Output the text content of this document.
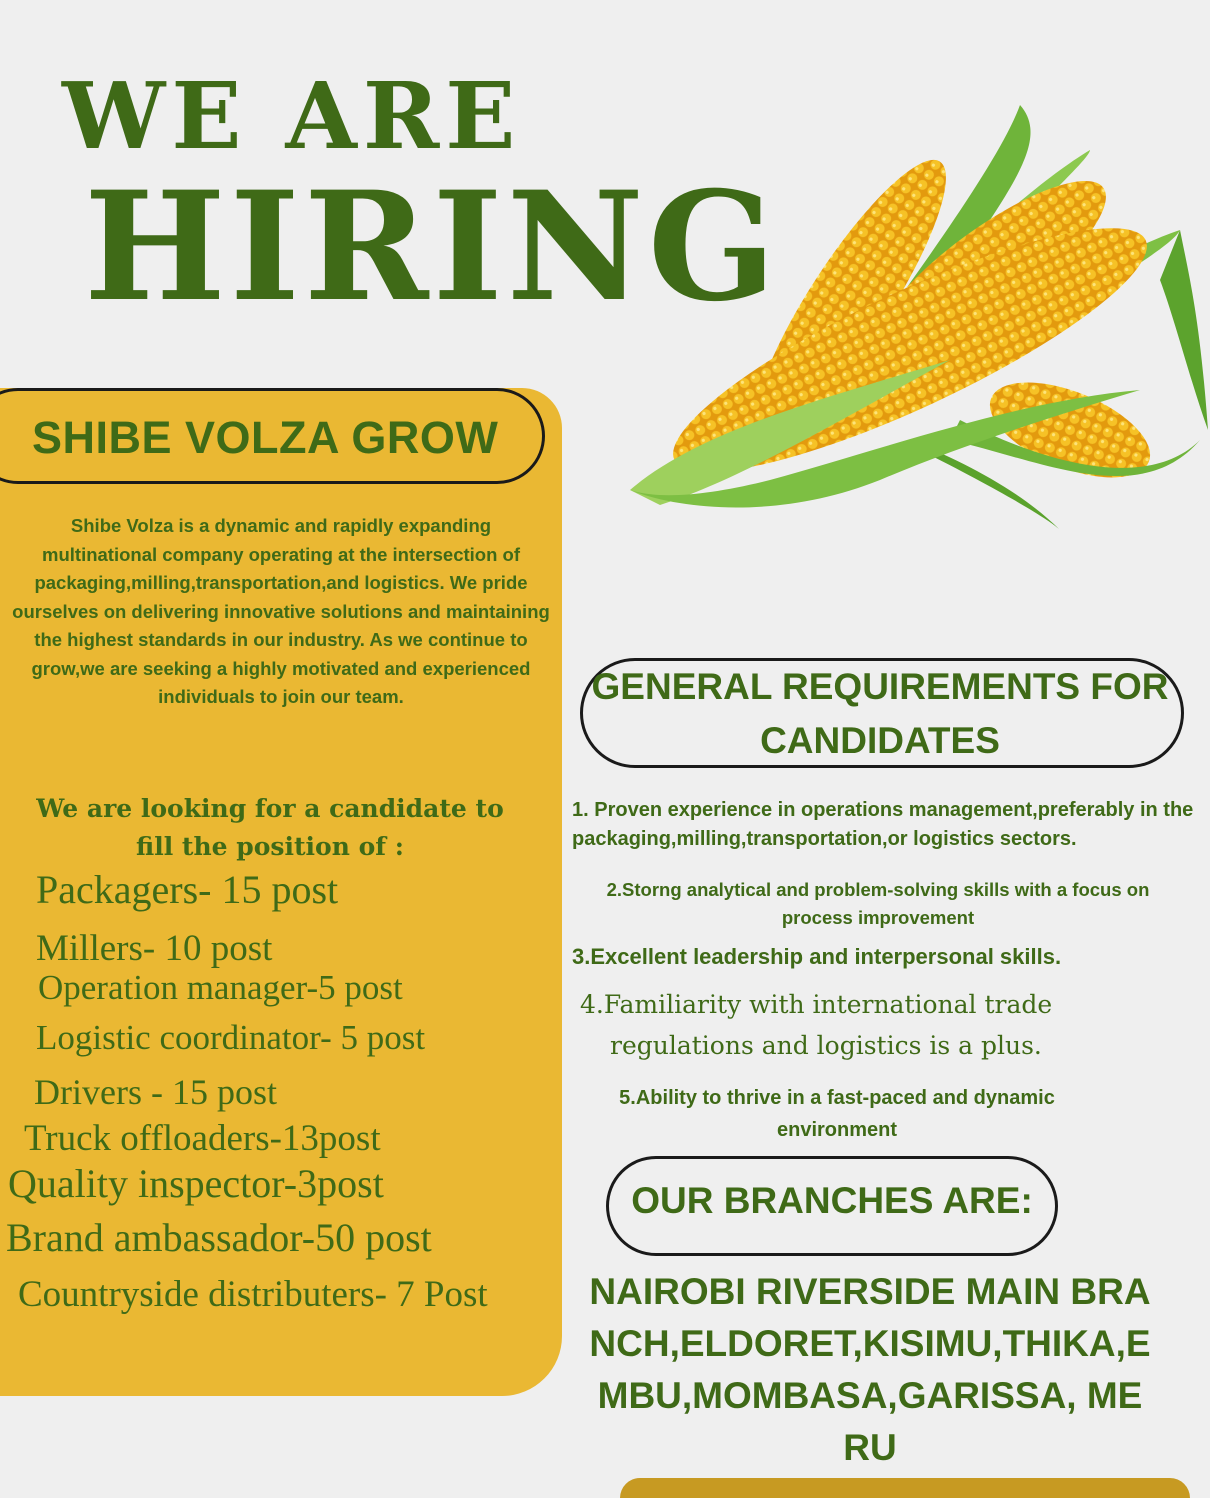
WE ARE
HIRING
SHIBE VOLZA GROW
Shibe Volza is a dynamic and rapidly expanding multinational company operating at the intersection of packaging,milling,transportation,and logistics. We pride ourselves on delivering innovative solutions and maintaining the highest standards in our industry. As we continue to grow,we are seeking a highly motivated and experienced individuals to join our team.
We are looking for a candidate to fill the position of :
Packagers- 15 post
Millers- 10 post
Operation manager-5 post
Logistic coordinator- 5 post
Drivers - 15 post
Truck offloaders-13post
Quality inspector-3post
Brand ambassador-50 post
Countryside distributers- 7 Post
GENERAL REQUIREMENTS FOR CANDIDATES
1. Proven experience in operations management,preferably in the packaging,milling,transportation,or logistics sectors.
2.Storng analytical and problem-solving skills with a focus on process improvement
3.Excellent leadership and interpersonal skills.
4.Familiarity with international trade regulations and logistics is a plus.
5.Ability to thrive in a fast-paced and dynamic environment
OUR BRANCHES ARE:
NAIROBI RIVERSIDE MAIN BRANCH,ELDORET,KISIMU,THIKA,EMBU,MOMBASA,GARISSA, MERU
